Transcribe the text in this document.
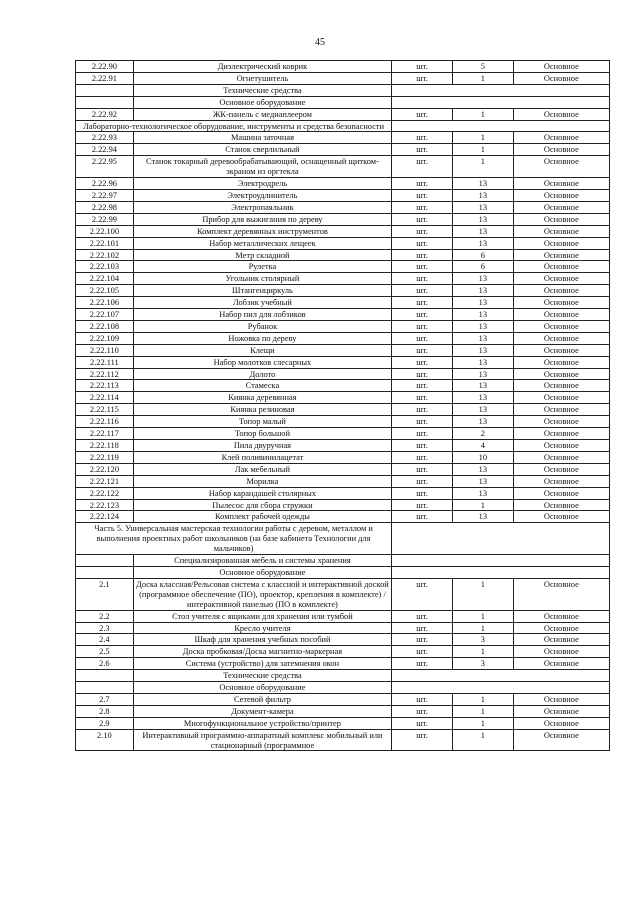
45
2.22.90	Диэлектрический коврик	шт.	5	Основное
2.22.91	Огнетушитель	шт.	1	Основное
	Технические средства			
	Основное оборудование			
2.22.92	ЖК-панель с медиаплеером	шт.	1	Основное
Лабораторно-технологическое оборудование, инструменты и средства безопасности				
2.22.93	Машина заточная	шт.	1	Основное
2.22.94	Станок сверлильный	шт.	1	Основное
2.22.95	Станок токарный деревообрабатывающий, оснащенный щитком-экраном из оргтекла	шт.	1	Основное
2.22.96	Электродрель	шт.	13	Основное
2.22.97	Электроудлинитель	шт.	13	Основное
2.22.98	Электропаяльник	шт.	13	Основное
2.22.99	Прибор для выжигания по дереву	шт.	13	Основное
2.22.100	Комплект деревянных инструментов	шт.	13	Основное
2.22.101	Набор металлических лещеек	шт.	13	Основное
2.22.102	Метр складной	шт.	6	Основное
2.22.103	Рулетка	шт.	6	Основное
2.22.104	Угольник столярный	шт.	13	Основное
2.22.105	Штангенциркуль	шт.	13	Основное
2.22.106	Лобзик учебный	шт.	13	Основное
2.22.107	Набор пил для лобзиков	шт.	13	Основное
2.22.108	Рубанок	шт.	13	Основное
2.22.109	Ножовка по дереву	шт.	13	Основное
2.22.110	Клещи	шт.	13	Основное
2.22.111	Набор молотков слесарных	шт.	13	Основное
2.22.112	Долото	шт.	13	Основное
2.22.113	Стамеска	шт.	13	Основное
2.22.114	Киянка деревянная	шт.	13	Основное
2.22.115	Киянка резиновая	шт.	13	Основное
2.22.116	Топор малый	шт.	13	Основное
2.22.117	Топор большой	шт.	2	Основное
2.22.118	Пила двуручная	шт.	4	Основное
2.22.119	Клей поливинилацетат	шт.	10	Основное
2.22.120	Лак мебельный	шт.	13	Основное
2.22.121	Морилка	шт.	13	Основное
2.22.122	Набор карандашей столярных	шт.	13	Основное
2.22.123	Пылесос для сбора стружки	шт.	1	Основное
2.22.124	Комплект рабочей одежды	шт.	13	Основное
Часть 5. Универсальная мастерская технологии работы с деревом, металлом и выполнения проектных работ школьников (на базе кабинета Технологии для мальчиков)				
	Специализированная мебель и системы хранения			
	Основное оборудование			
2.1	Доска классная/Рельсовая система с классной и интерактивной доской (программное обеспечение (ПО), проектор, крепления в комплекте) / интерактивной панелью (ПО в комплекте)	шт.	1	Основное
2.2	Стол учителя с ящиками для хранения или тумбой	шт.	1	Основное
2.3	Кресло учителя	шт.	1	Основное
2.4	Шкаф для хранения учебных пособий	шт.	3	Основное
2.5	Доска пробковая/Доска магнитно-маркерная	шт.	1	Основное
2.6	Система (устройство) для затемнения окон	шт.	3	Основное
	Технические средства			
	Основное оборудование			
2.7	Сетевой фильтр	шт.	1	Основное
2.8	Документ-камера	шт.	1	Основное
2.9	Многофункциональное устройство/принтер	шт.	1	Основное
2.10	Интерактивный программно-аппаратный комплекс мобильный или стационарный (программное	шт.	1	Основное
